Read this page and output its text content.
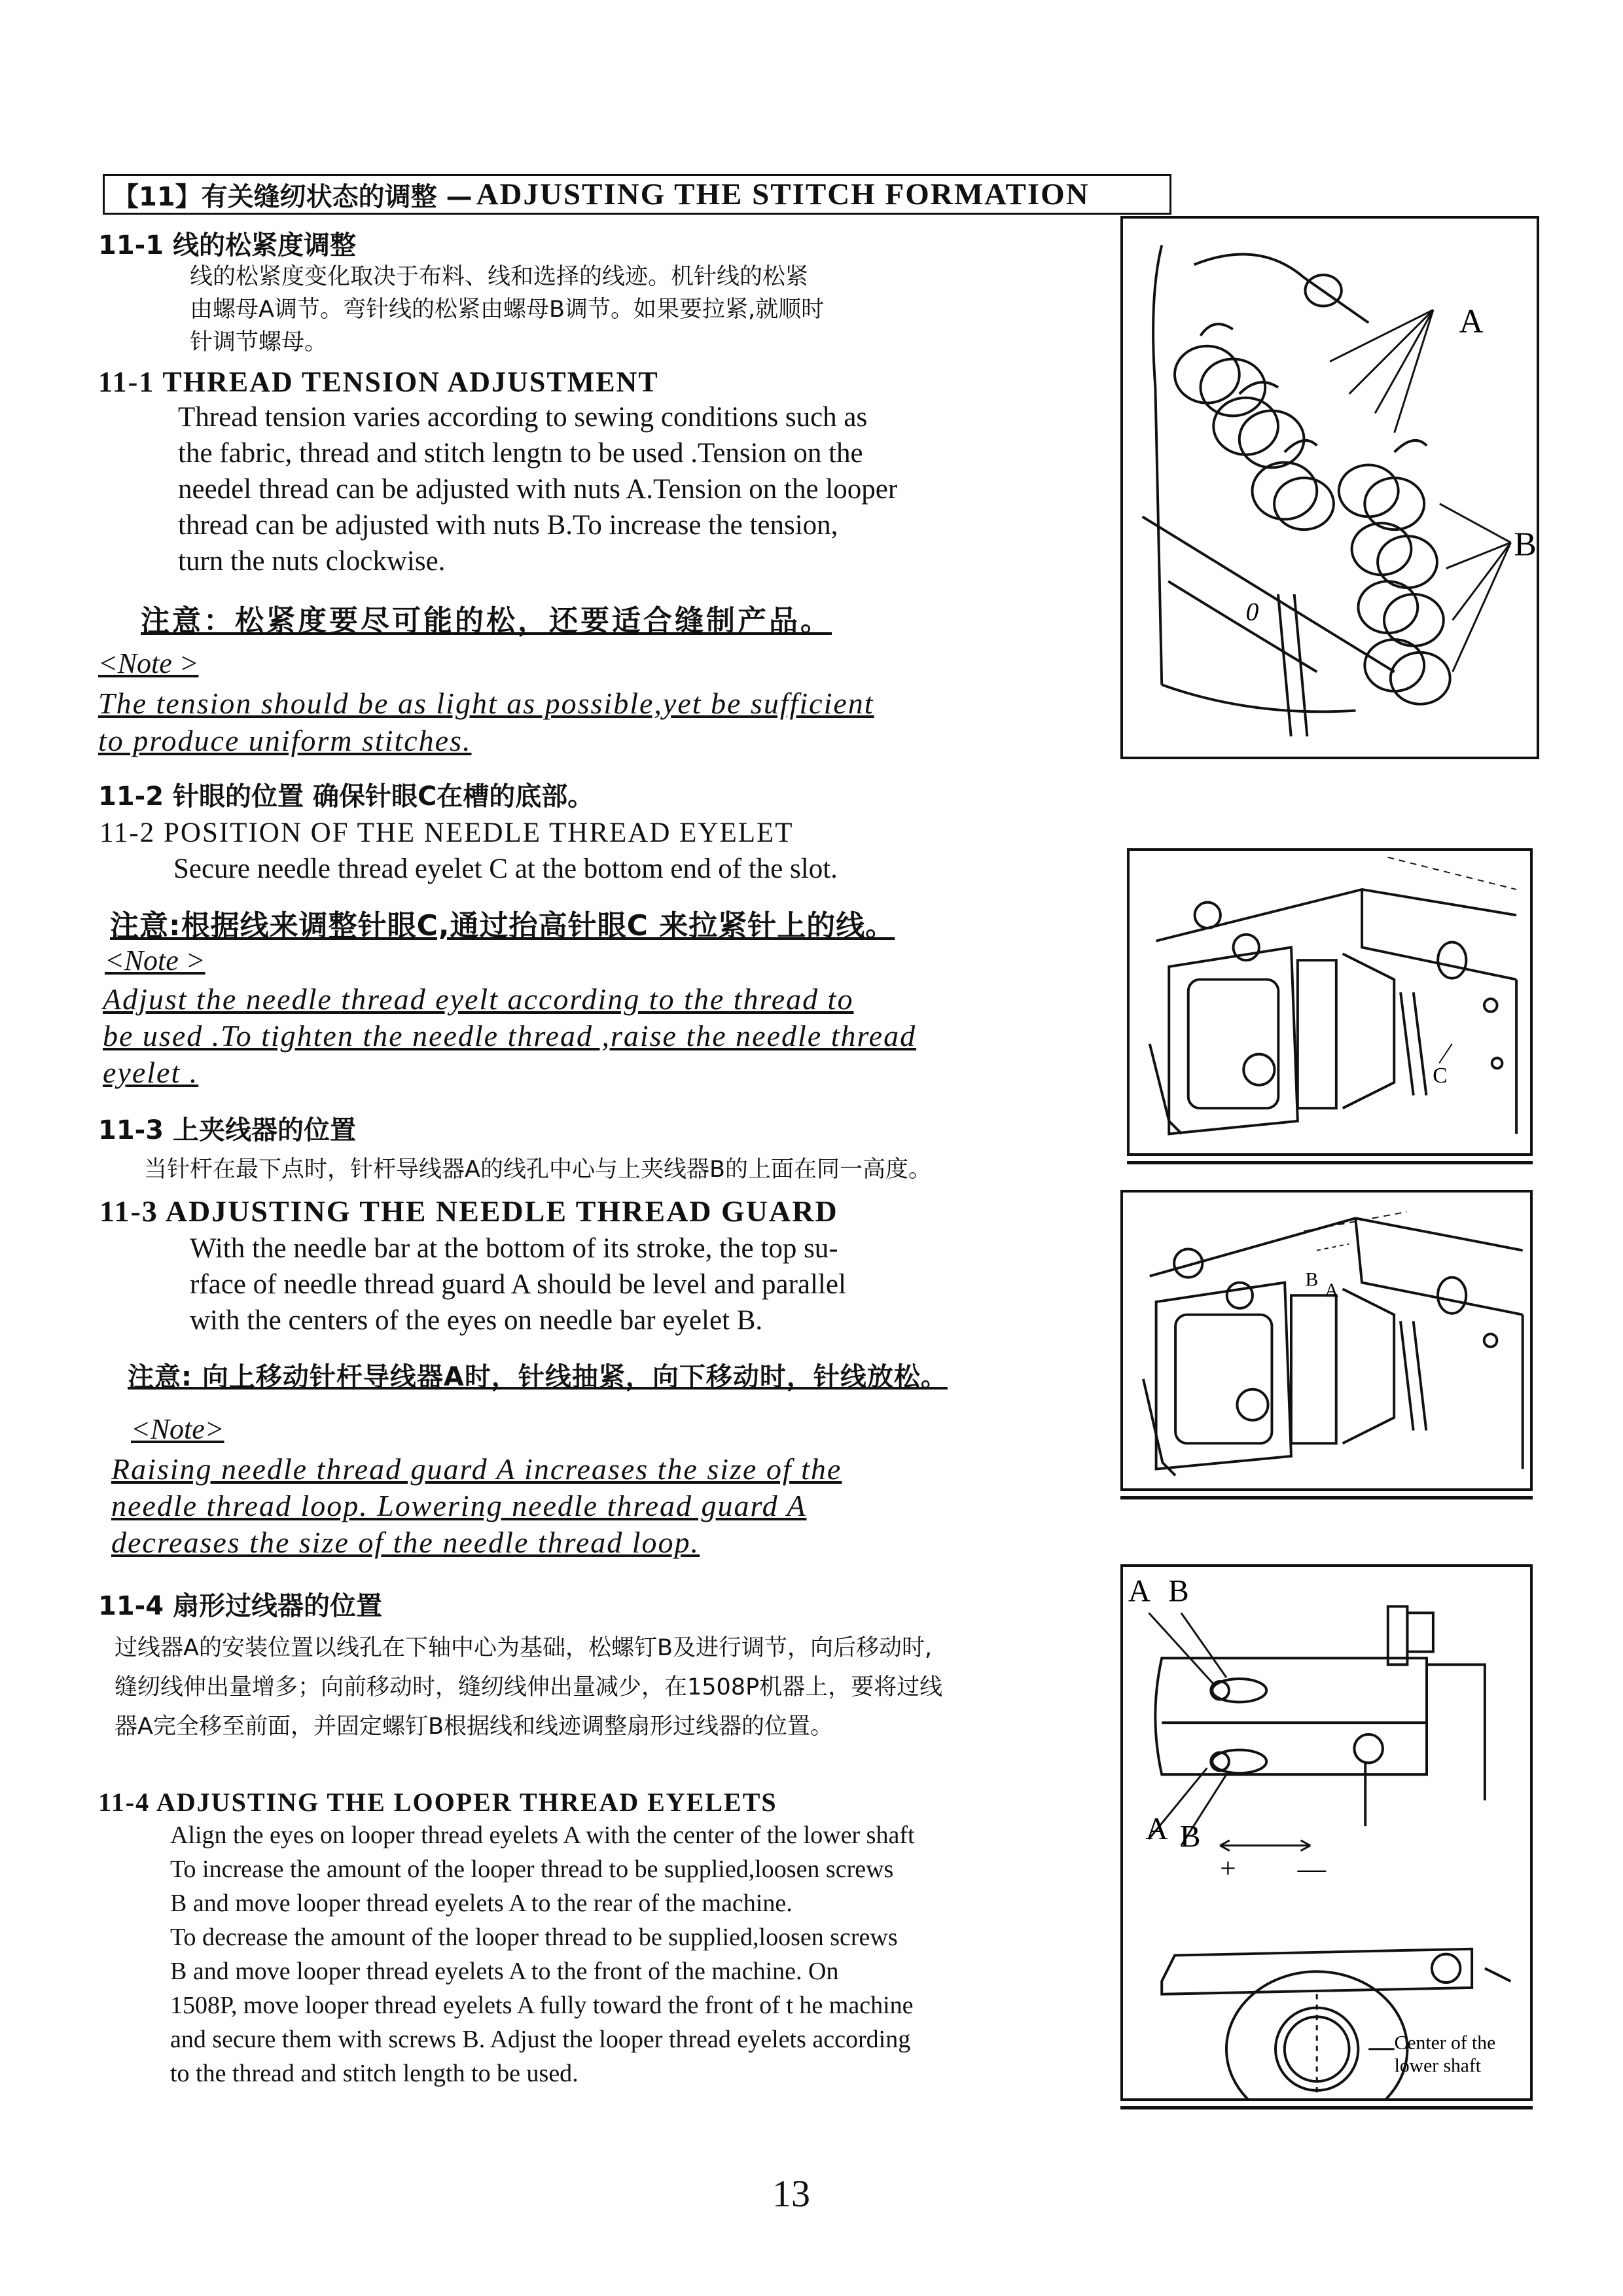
【11】有关缝纫状态的调整 — ADJUSTING THE STITCH FORMATION
11-1 线的松紧度调整
线的松紧度变化取决于布料、线和选择的线迹。机针线的松紧
由螺母A调节。弯针线的松紧由螺母B调节。如果要拉紧,就顺时
针调节螺母。
11-1 THREAD TENSION ADJUSTMENT
Thread tension varies according to sewing conditions such as
the fabric, thread and stitch lengtn to be used .Tension on the
needel thread can be adjusted with nuts A.Tension on the looper
thread can be adjusted with nuts B.To increase the tension,
turn the nuts clockwise.
注意：松紧度要尽可能的松，还要适合缝制产品。
<Note >
The tension should be as light as possible,yet be sufficient
to produce uniform stitches.
A
B
0
11-2 针眼的位置 确保针眼C在槽的底部。
11-2 POSITION OF THE NEEDLE THREAD EYELET
Secure needle thread eyelet C at the bottom end of the slot.
注意:根据线来调整针眼C,通过抬高针眼C 来拉紧针上的线。
<Note >
Adjust the needle thread eyelt according to the thread to
be used .To tighten the needle thread ,raise the needle thread
eyelet .	C
11-3 上夹线器的位置
当针杆在最下点时，针杆导线器A的线孔中心与上夹线器B的上面在同一高度。
11-3 ADJUSTING THE NEEDLE THREAD GUARD
With the needle bar at the bottom of its stroke, the top su-
rface of needle thread guard A should be level and parallel
with the centers of the eyes on needle bar eyelet B.
注意: 向上移动针杆导线器A时，针线抽紧，向下移动时，针线放松。
<Note>
Raising needle thread guard A increases the size of the
needle thread loop. Lowering needle thread guard A
decreases the size of the needle thread loop.
B
A
11-4 扇形过线器的位置
过线器A的安装位置以线孔在下轴中心为基础，松螺钉B及进行调节，向后移动时,
缝纫线伸出量增多；向前移动时，缝纫线伸出量减少，在1508P机器上，要将过线
器A完全移至前面，并固定螺钉B根据线和线迹调整扇形过线器的位置。
11-4 ADJUSTING THE LOOPER THREAD EYELETS
Align the eyes on looper thread eyelets A with the center of the lower shaft
To increase the amount of the looper thread to be supplied,loosen screws
B and move looper thread eyelets A to the rear of the machine.
To decrease the amount of the looper thread to be supplied,loosen screws
B and move looper thread eyelets A to the front of the machine. On
1508P, move looper thread eyelets A fully toward the front of t he machine
and secure them with screws B. Adjust the looper thread eyelets according
to the thread and stitch length to be used.
A B
A B
+ —
Center of the
lower shaft
13
